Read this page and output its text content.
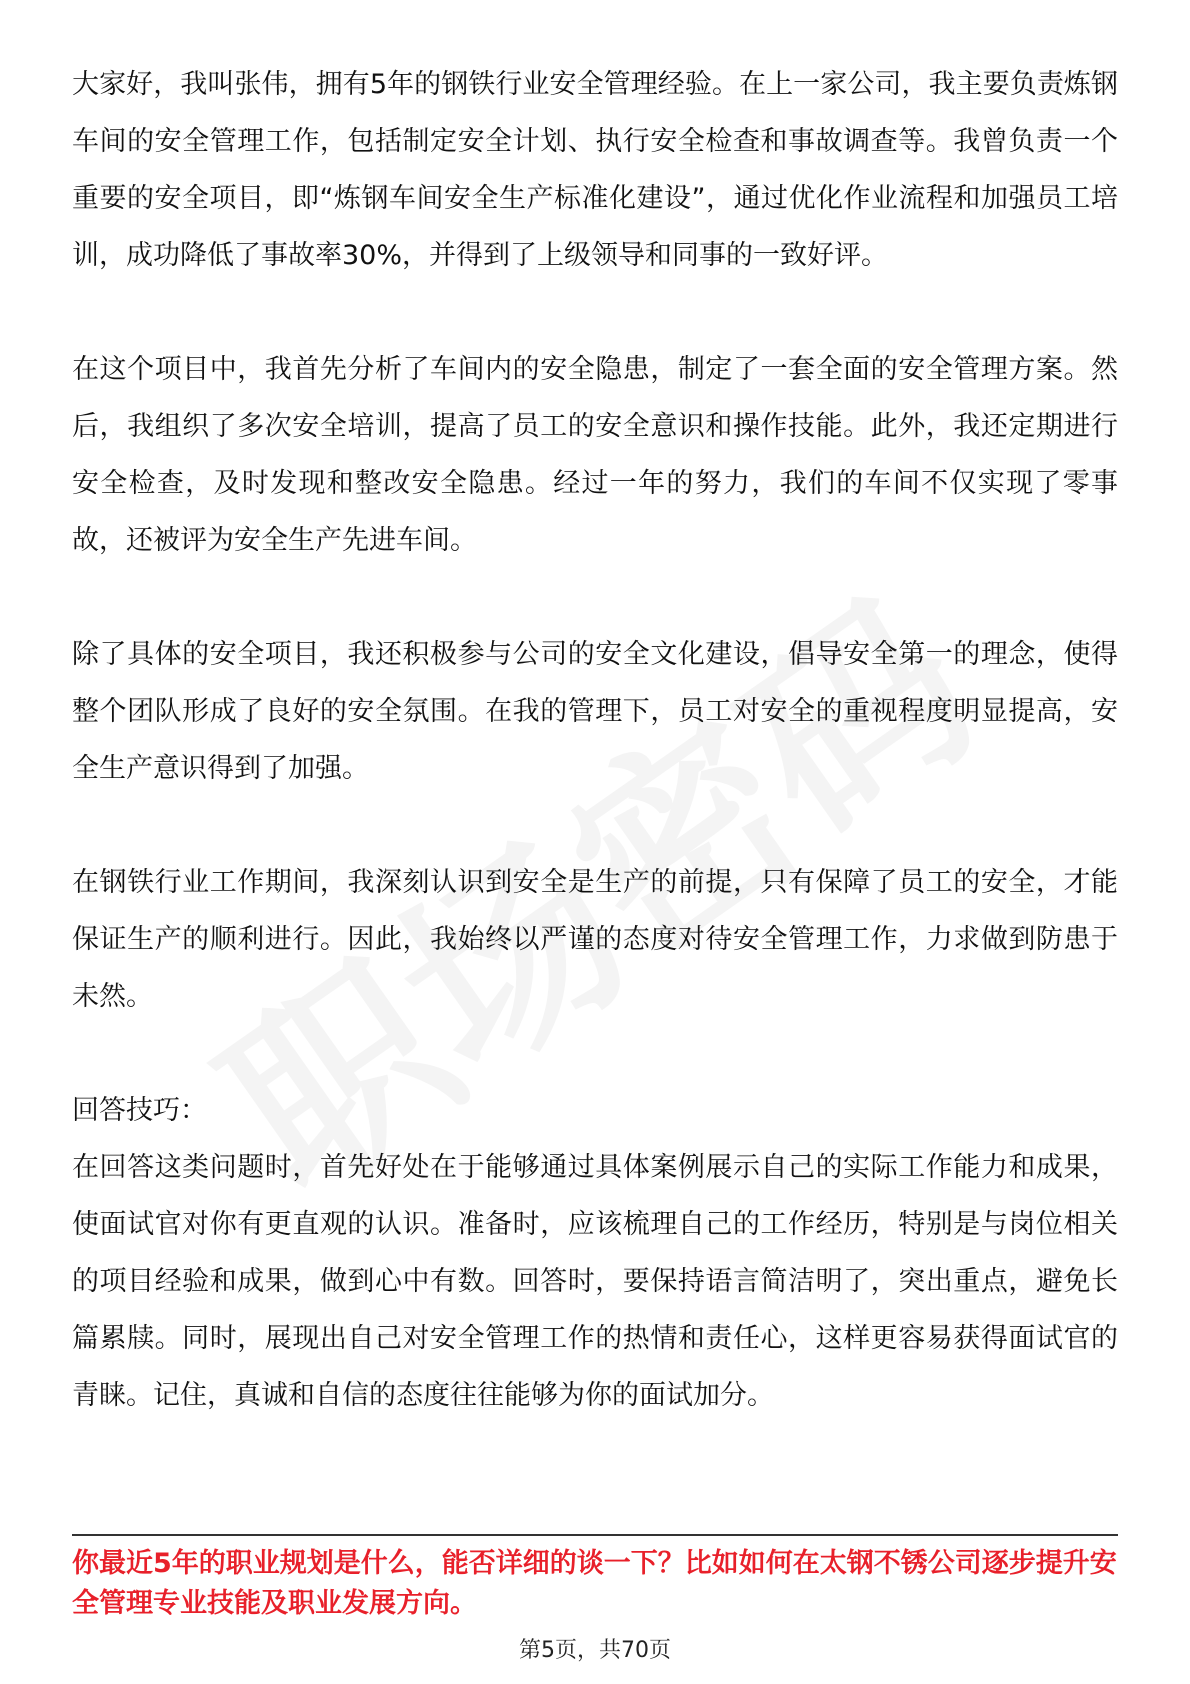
大家好，我叫张伟，拥有5年的钢铁行业安全管理经验。在上一家公司，我主要负责炼钢车间的安全管理工作，包括制定安全计划、执行安全检查和事故调查等。我曾负责一个重要的安全项目，即“炼钢车间安全生产标准化建设”，通过优化作业流程和加强员工培训，成功降低了事故率30%，并得到了上级领导和同事的一致好评。

在这个项目中，我首先分析了车间内的安全隐患，制定了一套全面的安全管理方案。然后，我组织了多次安全培训，提高了员工的安全意识和操作技能。此外，我还定期进行安全检查，及时发现和整改安全隐患。经过一年的努力，我们的车间不仅实现了零事故，还被评为安全生产先进车间。

除了具体的安全项目，我还积极参与公司的安全文化建设，倡导安全第一的理念，使得整个团队形成了良好的安全氛围。在我的管理下，员工对安全的重视程度明显提高，安全生产意识得到了加强。

在钢铁行业工作期间，我深刻认识到安全是生产的前提，只有保障了员工的安全，才能保证生产的顺利进行。因此，我始终以严谨的态度对待安全管理工作，力求做到防患于未然。

回答技巧：

在回答这类问题时，首先好处在于能够通过具体案例展示自己的实际工作能力和成果，使面试官对你有更直观的认识。准备时，应该梳理自己的工作经历，特别是与岗位相关的项目经验和成果，做到心中有数。回答时，要保持语言简洁明了，突出重点，避免长篇累牍。同时，展现出自己对安全管理工作的热情和责任心，这样更容易获得面试官的青睐。记住，真诚和自信的态度往往能够为你的面试加分。

你最近5年的职业规划是什么，能否详细的谈一下？比如如何在太钢不锈公司逐步提升安全管理专业技能及职业发展方向。

第5页，共70页
